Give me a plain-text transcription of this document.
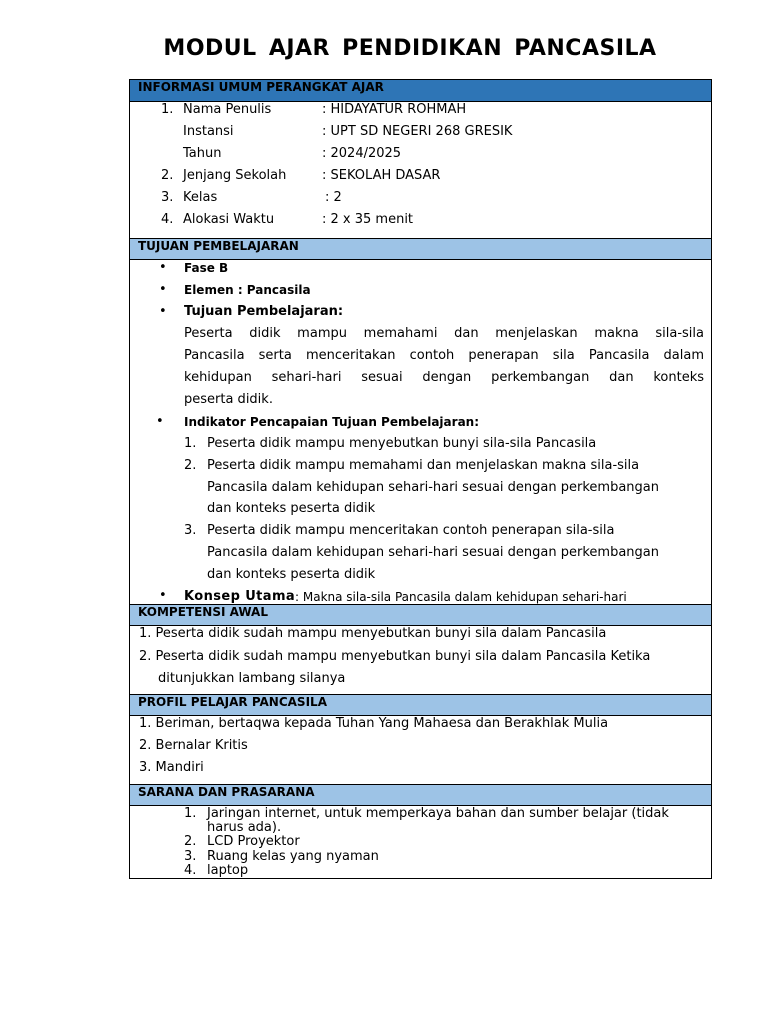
MODUL AJAR PENDIDIKAN PANCASILA
INFORMASI UMUM PERANGKAT AJAR
1. Nama Penulis	: HIDAYATUR ROHMAH
Instansi	: UPT SD NEGERI 268 GRESIK
Tahun	: 2024/2025
2. Jenjang Sekolah	: SEKOLAH DASAR
3. Kelas	: 2
4. Alokasi Waktu	: 2 x 35 menit
TUJUAN PEMBELAJARAN
• Fase B
• Elemen : Pancasila
• Tujuan Pembelajaran:
Peserta didik mampu memahami dan menjelaskan makna sila-sila
Pancasila serta menceritakan contoh penerapan sila Pancasila dalam
kehidupan sehari-hari sesuai dengan perkembangan dan konteks
peserta didik.
• Indikator Pencapaian Tujuan Pembelajaran:
1. Peserta didik mampu menyebutkan bunyi sila-sila Pancasila
2. Peserta didik mampu memahami dan menjelaskan makna sila-sila
Pancasila dalam kehidupan sehari-hari sesuai dengan perkembangan
dan konteks peserta didik
3. Peserta didik mampu menceritakan contoh penerapan sila-sila
Pancasila dalam kehidupan sehari-hari sesuai dengan perkembangan
dan konteks peserta didik
• Konsep Utama : Makna sila-sila Pancasila dalam kehidupan sehari-hari
KOMPETENSI AWAL
1. Peserta didik sudah mampu menyebutkan bunyi sila dalam Pancasila
2. Peserta didik sudah mampu menyebutkan bunyi sila dalam Pancasila Ketika
ditunjukkan lambang silanya
PROFIL PELAJAR PANCASILA
1. Beriman, bertaqwa kepada Tuhan Yang Mahaesa dan Berakhlak Mulia
2. Bernalar Kritis
3. Mandiri
SARANA DAN PRASARANA
1. Jaringan internet, untuk memperkaya bahan dan sumber belajar (tidak
harus ada).
2. LCD Proyektor
3. Ruang kelas yang nyaman
4. laptop
